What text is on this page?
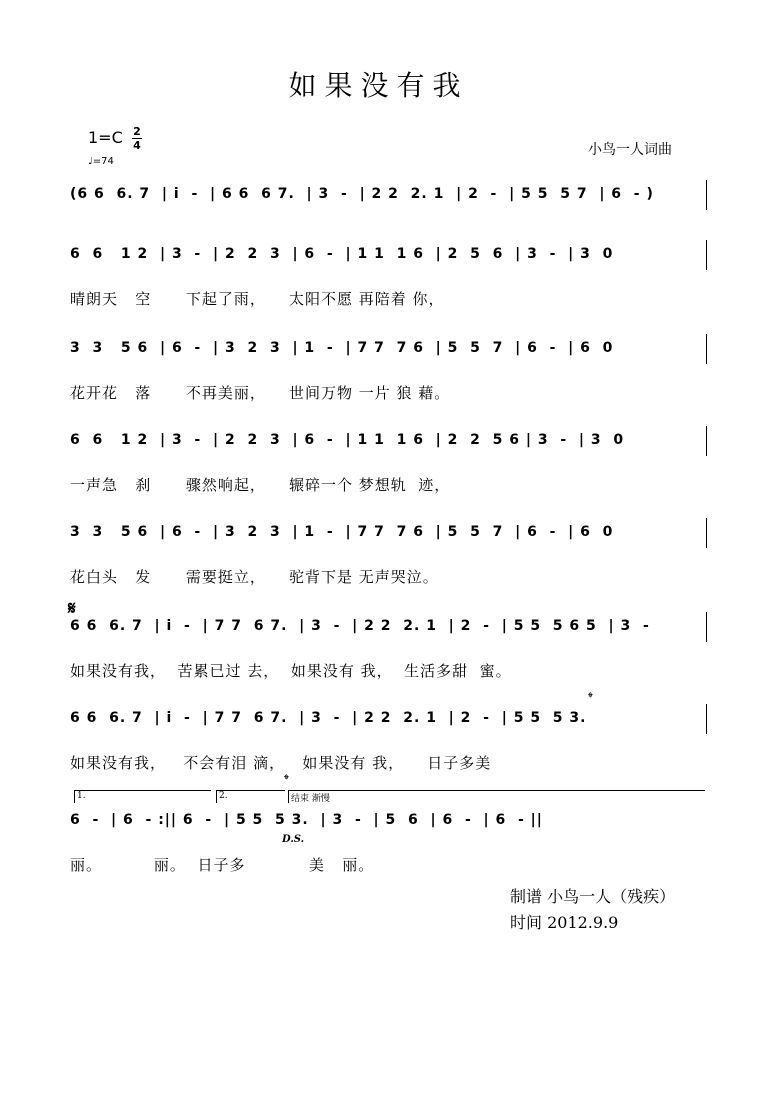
如果没有我
1=C 2
4
♩=74
小鸟一人词曲
(6 6  6. 7  | i  -  | 6 6  6 7.  | 3  -  | 2 2  2. 1  | 2  -  | 5 5  5 7  | 6  - )
6  6   1 2  | 3  -  | 2  2  3  | 6  -  | 1 1  1 6  | 2  5  6  | 3  -  | 3  0
晴朗天   空      下起了雨，    太阳不愿 再陪着 你，
3  3   5 6  | 6  -  | 3  2  3  | 1  -  | 7 7  7 6  | 5  5  7  | 6  -  | 6  0
花开花   落      不再美丽，    世间万物 一片 狼 藉。
6  6   1 2  | 3  -  | 2  2  3  | 6  -  | 1 1  1 6  | 2  2  5 6 | 3  -  | 3  0
一声急   刹      骤然响起，    辗碎一个 梦想轨  迹，
3  3   5 6  | 6  -  | 3  2  3  | 1  -  | 7 7  7 6  | 5  5  7  | 6  -  | 6  0
花白头   发      需要挺立，    驼背下是 无声哭泣。
𝄋
6 6  6. 7  | i  -  | 7 7  6 7.  | 3  -  | 2 2  2. 1  | 2  -  | 5 5  5 6 5  | 3  -
如果没有我，  苦累已过 去，  如果没有 我，  生活多甜  蜜。
𝄌
6 6  6. 7  | i  -  | 7 7  6 7.  | 3  -  | 2 2  2. 1  | 2  -  | 5 5  5 3.
如果没有我，   不会有泪 滴，   如果没有 我，    日子多美
1.	2.	结束 渐慢
𝄌
D.S.
6  -  | 6  - :|| 6  -  | 5 5  5 3.  | 3  -  | 5  6  | 6  -  | 6  - ||
丽。         丽。  日子多           美   丽。
制谱 小鸟一人（残疾）
时间 2012.9.9
